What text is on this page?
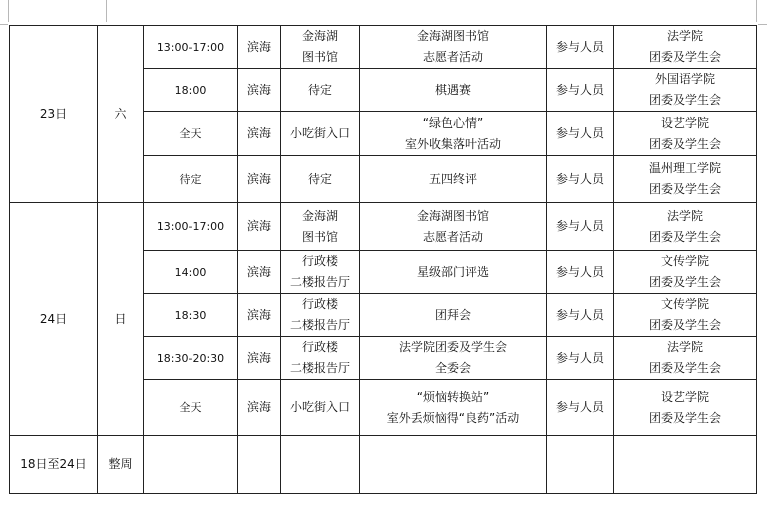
23日	六	13:00-17:00	滨海	金海湖
图书馆	金海湖图书馆
志愿者活动	参与人员	法学院
团委及学生会

		18:00	滨海	待定	棋遇赛	参与人员	外国语学院
团委及学生会

		全天	滨海	小吃街入口	“绿色心情”
室外收集落叶活动	参与人员	设艺学院
团委及学生会

		待定	滨海	待定	五四终评	参与人员	温州理工学院
团委及学生会

24日	日	13:00-17:00	滨海	金海湖
图书馆	金海湖图书馆
志愿者活动	参与人员	法学院
团委及学生会

		14:00	滨海	行政楼
二楼报告厅	星级部门评选	参与人员	文传学院
团委及学生会

		18:30	滨海	行政楼
二楼报告厅	团拜会	参与人员	文传学院
团委及学生会

		18:30-20:30	滨海	行政楼
二楼报告厅	法学院团委及学生会
全委会	参与人员	法学院
团委及学生会

		全天	滨海	小吃街入口	“烦恼转换站”
室外丢烦恼得“良药”活动	参与人员	设艺学院
团委及学生会

18日至24日	整周						
